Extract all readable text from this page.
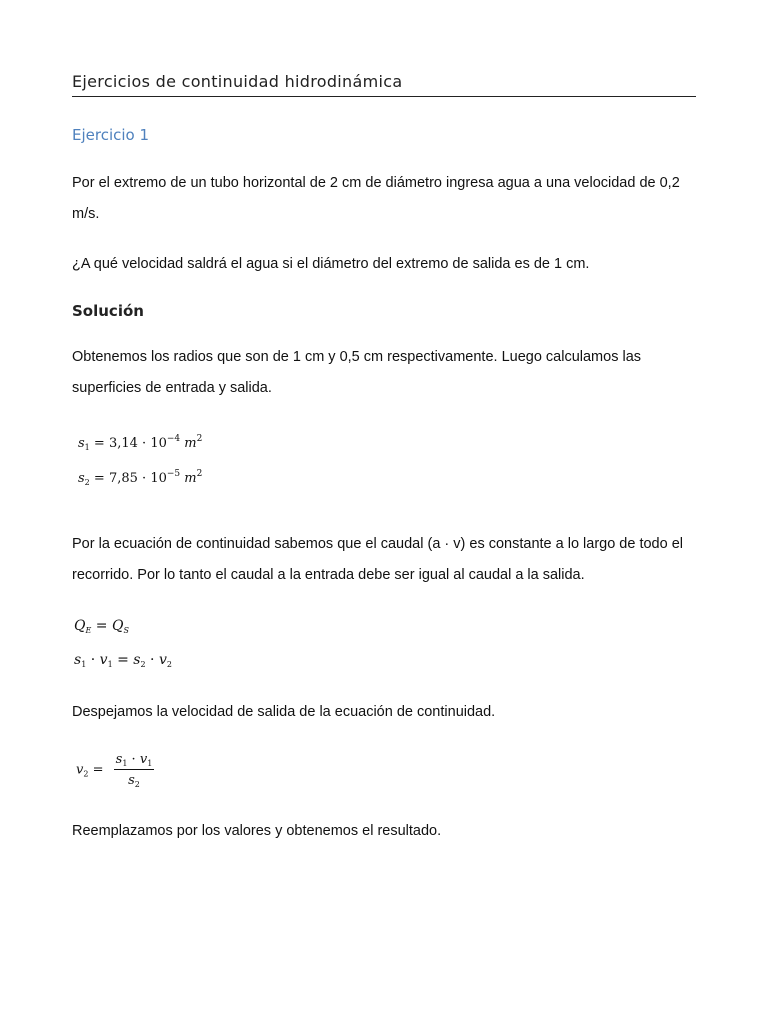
Ejercicios de continuidad hidrodinámica
Ejercicio 1
Por el extremo de un tubo horizontal de 2 cm de diámetro ingresa agua a una velocidad de 0,2 m/s.
¿A qué velocidad saldrá el agua si el diámetro del extremo de salida es de 1 cm.
Solución
Obtenemos los radios que son de 1 cm y 0,5 cm respectivamente. Luego calculamos las superficies de entrada y salida.
$s_1 = 3,14 \cdot 10^{-4}$ $m^2$
$s_2 = 7,85 \cdot 10^{-5}$ $m^2$
Por la ecuación de continuidad sabemos que el caudal (a · v) es constante a lo largo de todo el recorrido. Por lo tanto el caudal a la entrada debe ser igual al caudal a la salida.
$Q_E = Q_S$
$s_1 \cdot v_1 = s_2 \cdot v_2$
Despejamos la velocidad de salida de la ecuación de continuidad.
$v_2 = \frac{s_1 \cdot v_1}{s_2}$
Reemplazamos por los valores y obtenemos el resultado.
